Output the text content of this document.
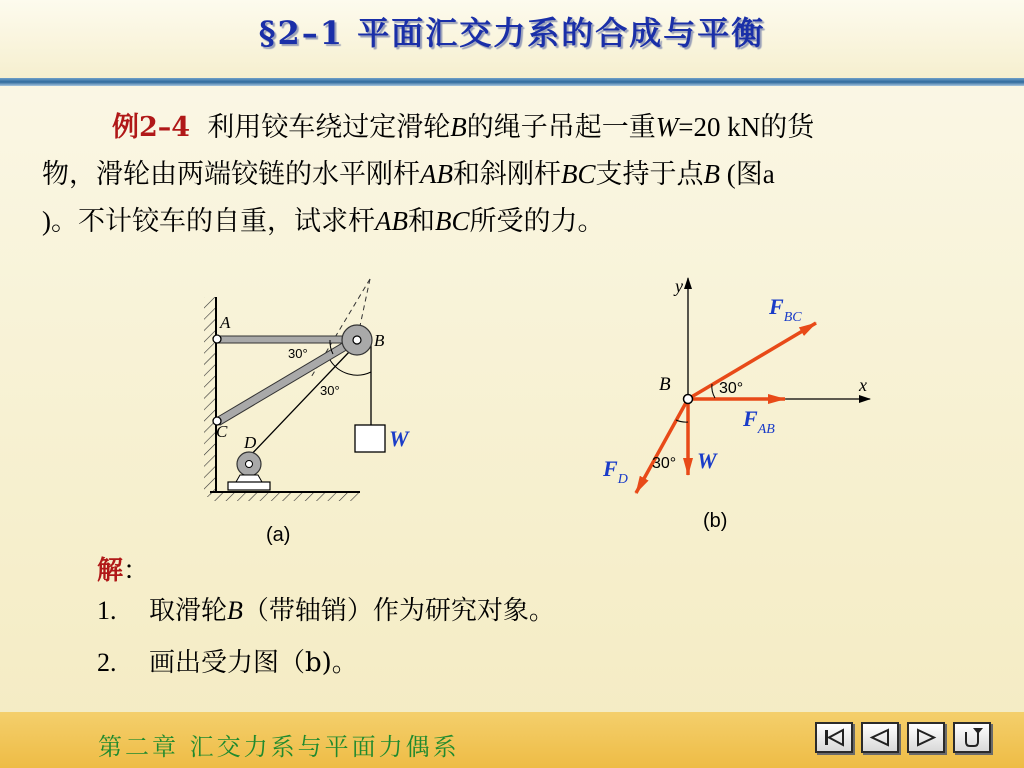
§2–1 平面汇交力系的合成与平衡
例2–4 利用铰车绕过定滑轮B的绳子吊起一重W=20 kN的货
物，滑轮由两端铰链的水平刚杆AB和斜刚杆BC支持于点B (图a
)。不计铰车的自重，试求杆AB和BC所受的力。
A
B
C
D
30°
30°
W
(a)
y
x
B
$F_{BC}$
$F_{AB}$
$F_D$
W
30°
30°
(b)
解：
1. 取滑轮B（带轴销）作为研究对象。
2. 画出受力图（b)。
第二章 汇交力系与平面力偶系
